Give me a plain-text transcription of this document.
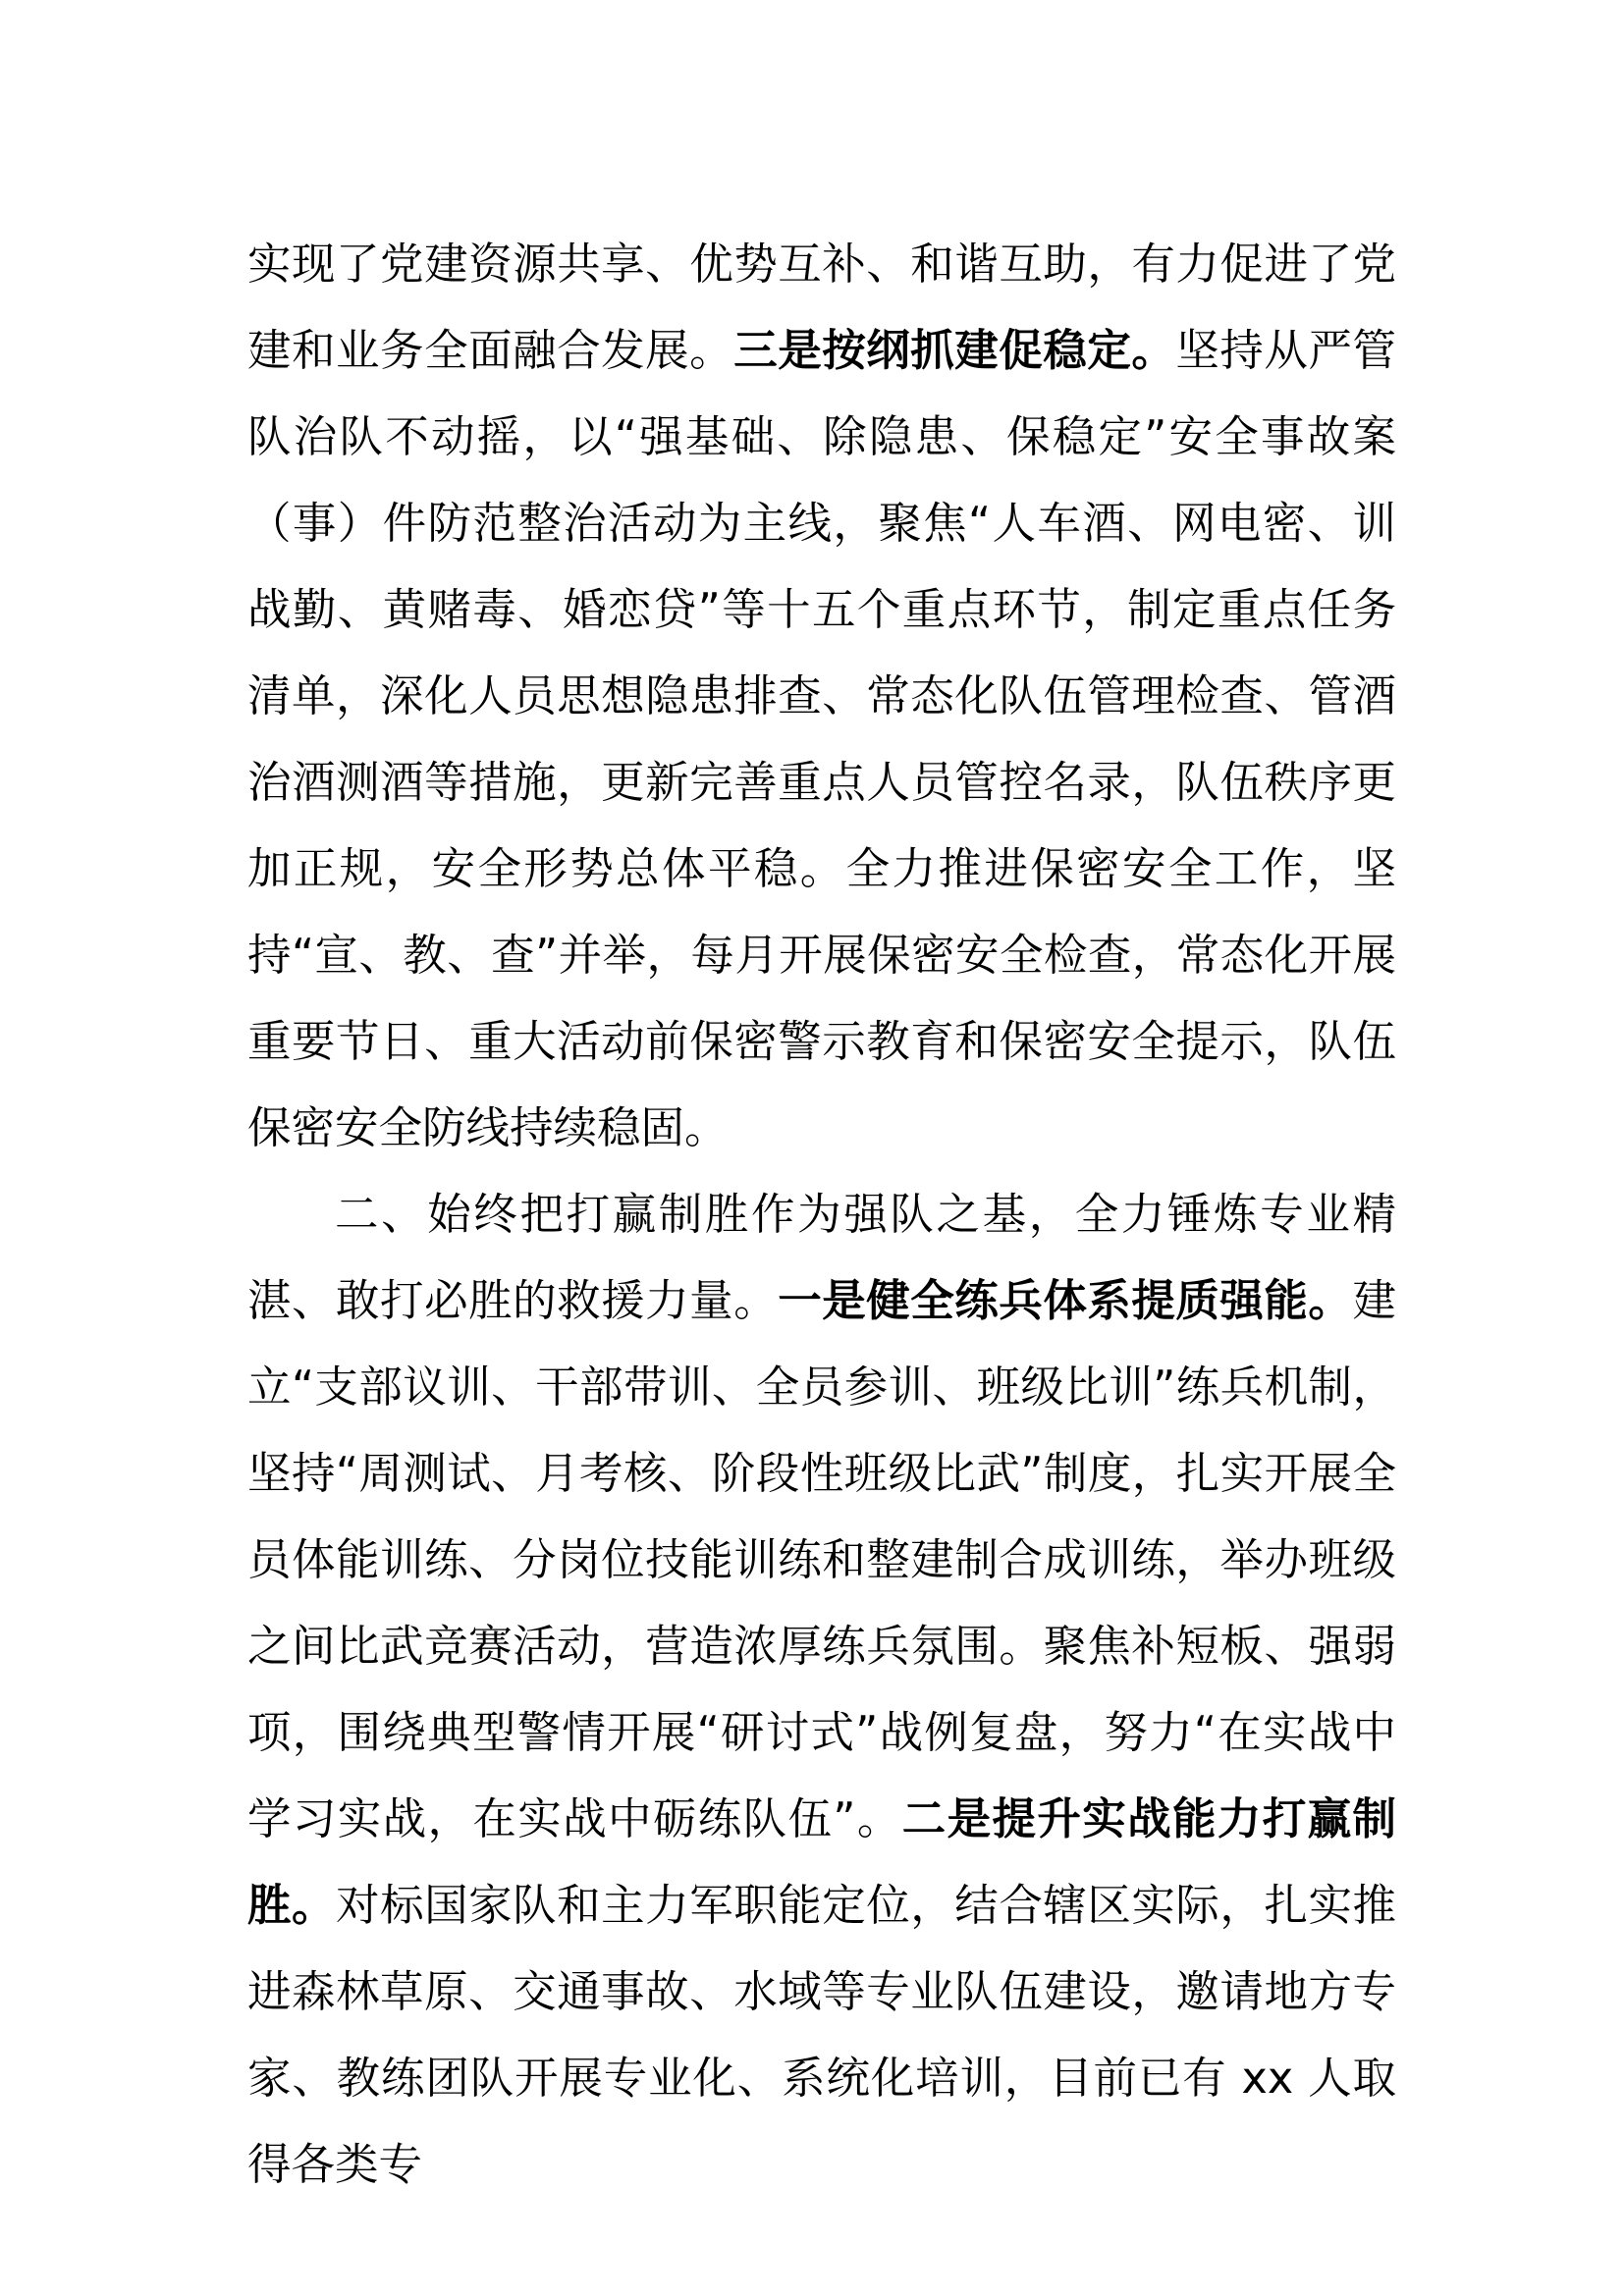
实现了党建资源共享、优势互补、和谐互助，有力促进了党建和业务全面融合发展。三是按纲抓建促稳定。坚持从严管队治队不动摇，以“强基础、除隐患、保稳定”安全事故案（事）件防范整治活动为主线，聚焦“人车酒、网电密、训战勤、黄赌毒、婚恋贷”等十五个重点环节，制定重点任务清单，深化人员思想隐患排查、常态化队伍管理检查、管酒治酒测酒等措施，更新完善重点人员管控名录，队伍秩序更加正规，安全形势总体平稳。全力推进保密安全工作，坚持“宣、教、查”并举，每月开展保密安全检查，常态化开展重要节日、重大活动前保密警示教育和保密安全提示，队伍保密安全防线持续稳固。

二、始终把打赢制胜作为强队之基，全力锤炼专业精湛、敢打必胜的救援力量。一是健全练兵体系提质强能。建立“支部议训、干部带训、全员参训、班级比训”练兵机制，坚持“周测试、月考核、阶段性班级比武”制度，扎实开展全员体能训练、分岗位技能训练和整建制合成训练，举办班级之间比武竞赛活动，营造浓厚练兵氛围。聚焦补短板、强弱项，围绕典型警情开展“研讨式”战例复盘，努力“在实战中学习实战，在实战中砺练队伍”。二是提升实战能力打赢制胜。对标国家队和主力军职能定位，结合辖区实际，扎实推进森林草原、交通事故、水域等专业队伍建设，邀请地方专家、教练团队开展专业化、系统化培训，目前已有 xx 人取得各类专
